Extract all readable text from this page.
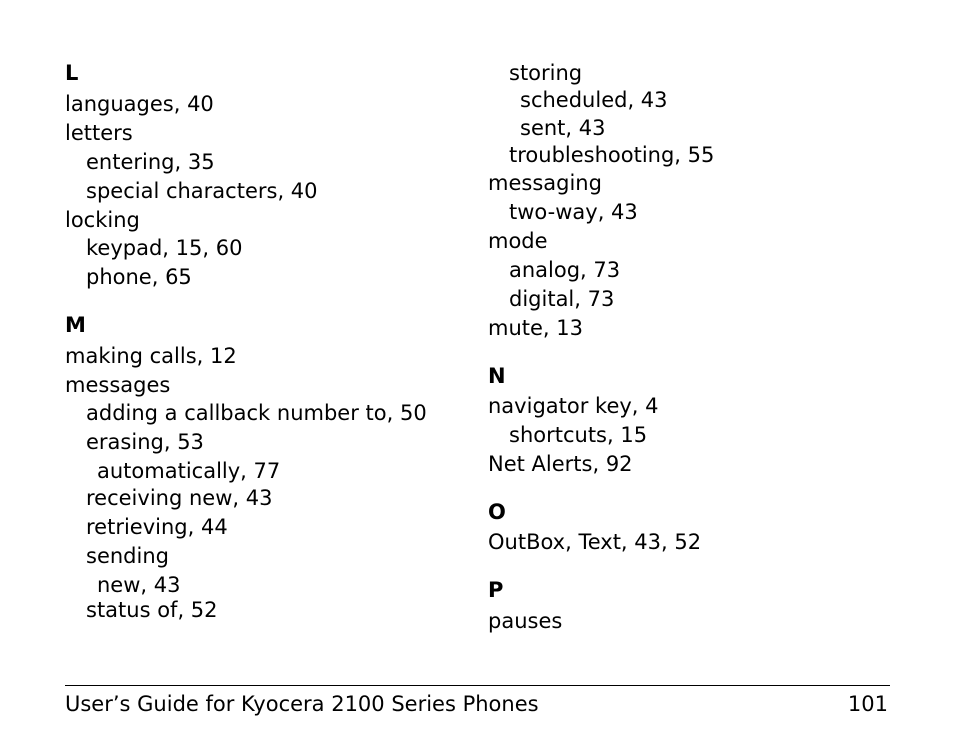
L
languages, 40
letters
entering, 35
special characters, 40
locking
keypad, 15, 60
phone, 65
M
making calls, 12
messages
adding a callback number to, 50
erasing, 53
automatically, 77
receiving new, 43
retrieving, 44
sending
new, 43
status of, 52
storing
scheduled, 43
sent, 43
troubleshooting, 55
messaging
two-way, 43
mode
analog, 73
digital, 73
mute, 13
N
navigator key, 4
shortcuts, 15
Net Alerts, 92
O
OutBox, Text, 43, 52
P
pauses
User’s Guide for Kyocera 2100 Series Phones	101
